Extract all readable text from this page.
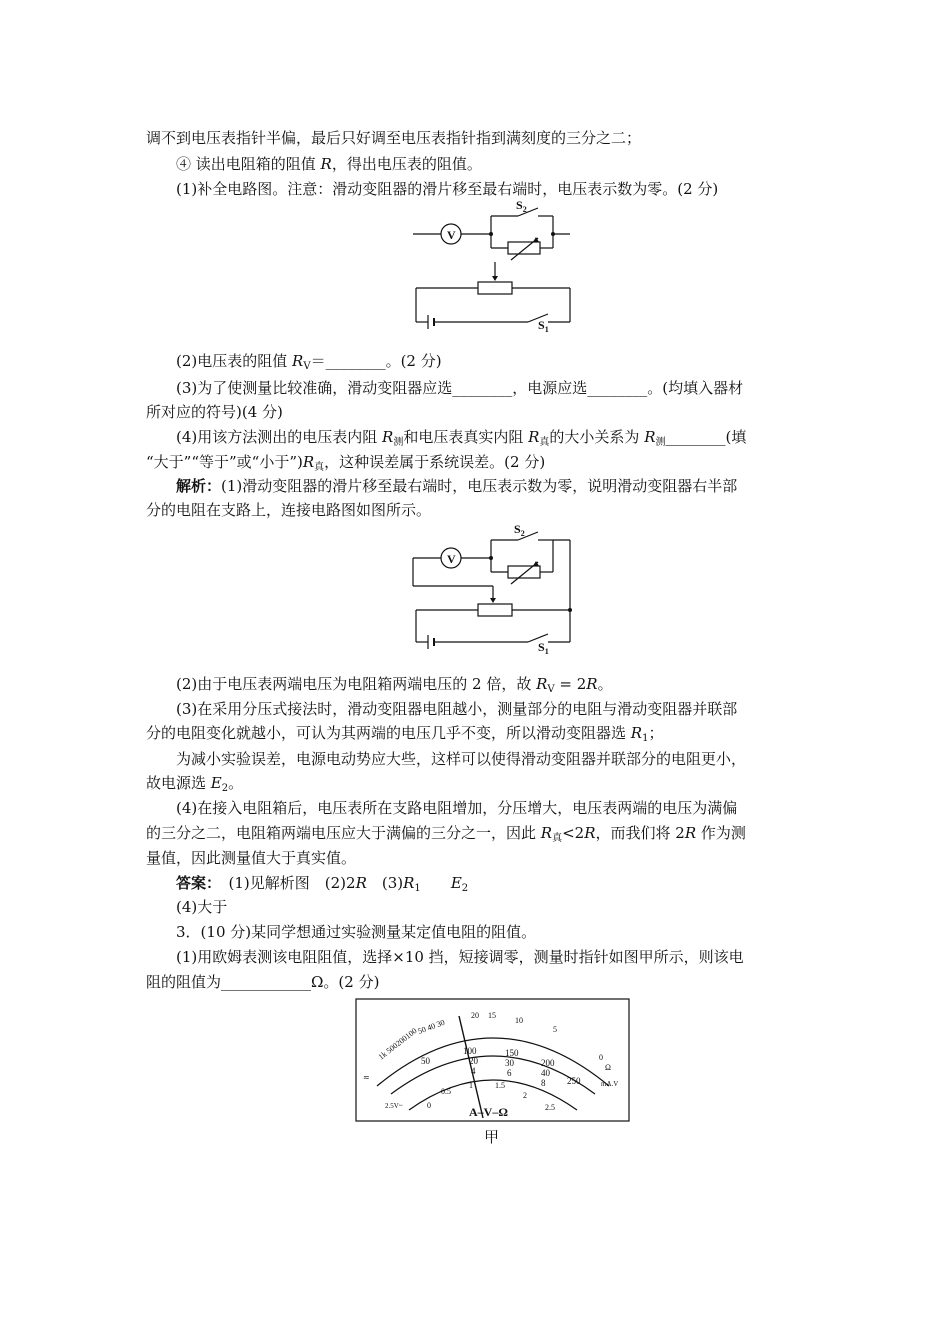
调不到电压表指针半偏，最后只好调至电压表指针指到满刻度的三分之二；
④ 读出电阻箱的阻值 R，得出电压表的阻值。
(1)补全电路图。注意：滑动变阻器的滑片移至最右端时，电压表示数为零。(2 分)
V
$S_2$
$S_1$
(2)电压表的阻值 $R_V=\_\_\_\_\_\_\_\_$。(2 分)
(3)为了使测量比较准确，滑动变阻器应选________，电源应选________。(均填入器材
所对应的符号)(4 分)
(4)用该方法测出的电压表内阻 $R_测$和电压表真实内阻 $R_真$的大小关系为 $R_测\_\_\_\_\_\_\_\_$(填
“大于”“等于”或“小于$”)R_真$，这种误差属于系统误差。(2 分)
解析：(1)滑动变阻器的滑片移至最右端时，电压表示数为零，说明滑动变阻器右半部
分的电阻在支路上，连接电路图如图所示。
V
$S_2$
$S_1$
(2)由于电压表两端电压为电阻箱两端电压的 2 倍，故 $R_V = 2R$。
(3)在采用分压式接法时，滑动变阻器电阻越小，测量部分的电阻与滑动变阻器并联部
分的电阻变化就越小，可认为其两端的电压几乎不变，所以滑动变阻器选 $R_1$；
为减小实验误差，电源电动势应大些，这样可以使得滑动变阻器并联部分的电阻更小，
故电源选 $E_2$。
(4)在接入电阻箱后，电压表所在支路电阻增加，分压增大，电压表两端的电压为满偏
的三分之二，电阻箱两端电压应大于满偏的三分之一，因此 $R_真<2R$，而我们将 2R 作为测
量值，因此测量值大于真实值。
答案：　 (1)见解析图　(2)2R　$(3)R_1$　　 $E_2$
(4)大于
3．(10 分)某同学想通过实验测量某定值电阻的阻值。
(1)用欧姆表测该电阻阻值，选择×10 挡，短接调零，测量时指针如图甲所示，则该电
阻的阻值为____________Ω。(2 分)
1k 500200100
50 40 30
20 15
10
5
0
Ω
50
100	150
200
250
20	30
40
4	6
8
0
0.5
1	1.5
2
2.5
2.5V~
≂
mA.V
A–V–Ω
甲
